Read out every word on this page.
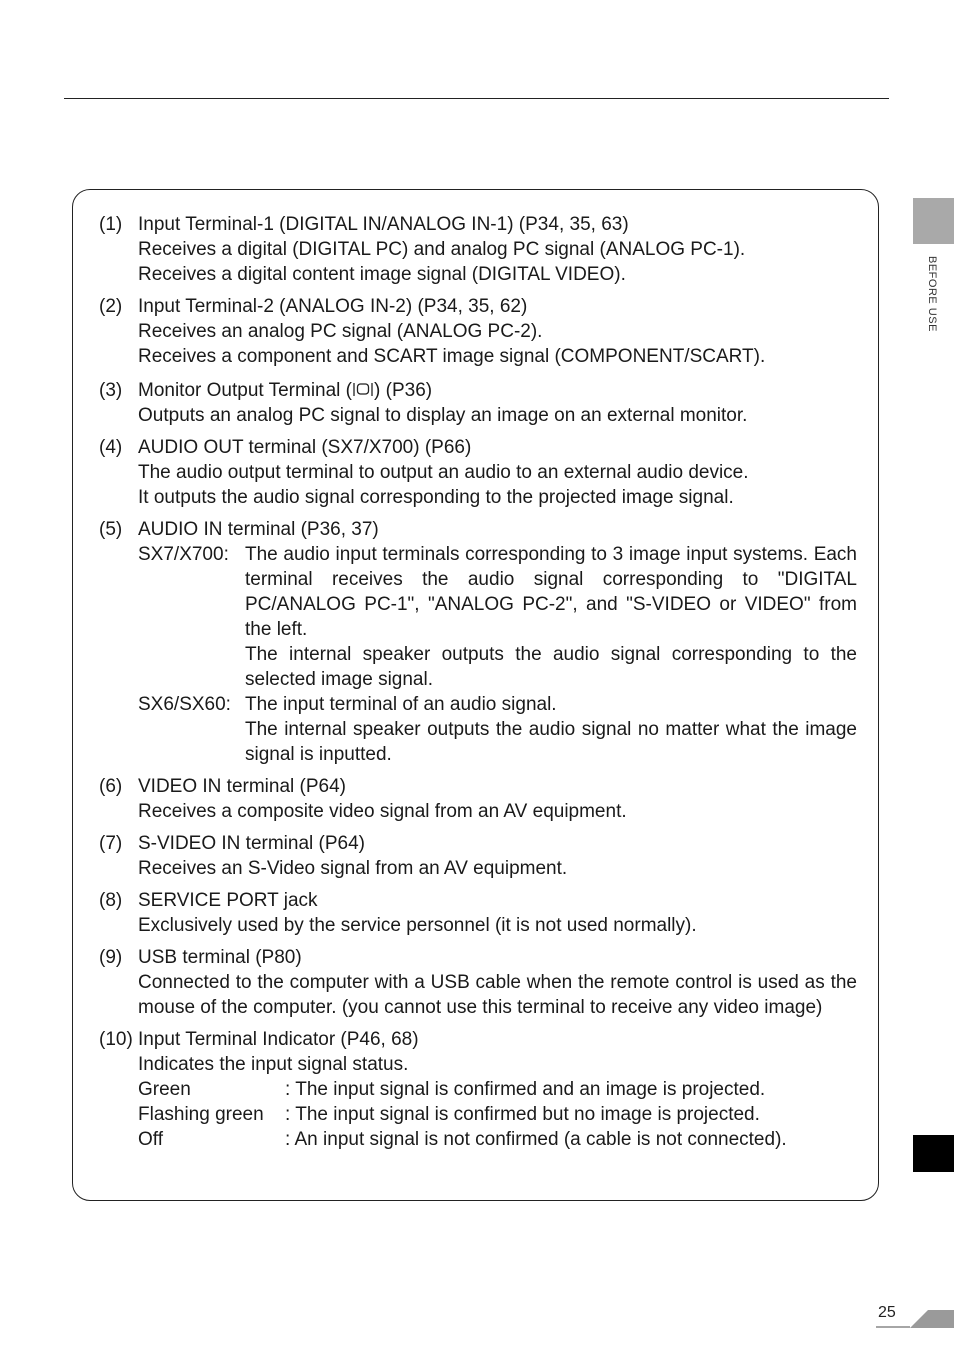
BEFORE USE
(1) Input Terminal-1 (DIGITAL IN/ANALOG IN-1) (P34, 35, 63)

Receives a digital (DIGITAL PC) and analog PC signal (ANALOG PC-1).

Receives a digital content image signal (DIGITAL VIDEO).

(2) Input Terminal-2 (ANALOG IN-2) (P34, 35, 62)

Receives an analog PC signal (ANALOG PC-2).

Receives a component and SCART image signal (COMPONENT/SCART).

(3) Monitor Output Terminal ( ) (P36)

Outputs an analog PC signal to display an image on an external monitor.

(4) AUDIO OUT terminal (SX7/X700) (P66)

The audio output terminal to output an audio to an external audio device.

It outputs the audio signal corresponding to the projected image signal.

(5) AUDIO IN terminal (P36, 37)

SX7/X700: The audio input terminals corresponding to 3 image input systems. Each terminal receives the audio signal corresponding to "DIGITAL PC/ANALOG PC-1", "ANALOG PC-2", and "S-VIDEO or VIDEO" from the left.

The internal speaker outputs the audio signal corresponding to the selected image signal.

SX6/SX60: The input terminal of an audio signal.

The internal speaker outputs the audio signal no matter what the image signal is inputted.

(6) VIDEO IN terminal (P64)

Receives a composite video signal from an AV equipment.

(7) S-VIDEO IN terminal (P64)

Receives an S-Video signal from an AV equipment.

(8) SERVICE PORT jack

Exclusively used by the service personnel (it is not used normally).

(9) USB terminal (P80)

Connected to the computer with a USB cable when the remote control is used as the mouse of the computer. (you cannot use this terminal to receive any video image)

(10) Input Terminal Indicator (P46, 68)

Indicates the input signal status.

Green	: The input signal is confirmed and an image is projected.
Flashing green	: The input signal is confirmed but no image is projected.
Off	: An input signal is not confirmed (a cable is not connected).
25
